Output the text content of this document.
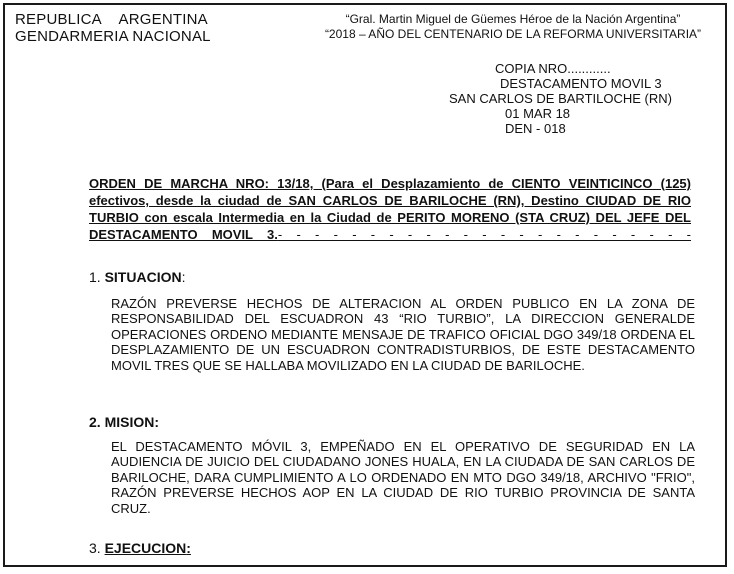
REPUBLICA ARGENTINA
GENDARMERIA NACIONAL
“Gral. Martin Miguel de Güemes Héroe de la Nación Argentina”
“2018 – AÑO DEL CENTENARIO DE LA REFORMA UNIVERSITARIA”
COPIA NRO............
DESTACAMENTO MOVIL 3
SAN CARLOS DE BARTILOCHE (RN)
01 MAR 18
DEN - 018
ORDEN DE MARCHA NRO: 13/18, (Para el Desplazamiento de CIENTO VEINTICINCO (125) efectivos, desde la ciudad de SAN CARLOS DE BARILOCHE (RN), Destino CIUDAD DE RIO TURBIO con escala Intermedia en la Ciudad de PERITO MORENO (STA CRUZ) DEL JEFE DEL DESTACAMENTO MOVIL 3.- - - - - - - - - - - - - - - - - - - - - - -
1. SITUACION:
RAZÓN PREVERSE HECHOS DE ALTERACION AL ORDEN PUBLICO EN LA ZONA DE RESPONSABILIDAD DEL ESCUADRON 43 “RIO TURBIO”, LA DIRECCION GENERALDE OPERACIONES ORDENO MEDIANTE MENSAJE DE TRAFICO OFICIAL DGO 349/18 ORDENA EL DESPLAZAMIENTO DE UN ESCUADRON CONTRADISTURBIOS, DE ESTE DESTACAMENTO MOVIL TRES QUE SE HALLABA MOVILIZADO EN LA CIUDAD DE BARILOCHE.
2. MISION:
EL DESTACAMENTO MÓVIL 3, EMPEÑADO EN EL OPERATIVO DE SEGURIDAD EN LA AUDIENCIA DE JUICIO DEL CIUDADANO JONES HUALA, EN LA CIUDADA DE SAN CARLOS DE BARILOCHE, DARA CUMPLIMIENTO A LO ORDENADO EN MTO DGO 349/18, ARCHIVO "FRIO", RAZÓN PREVERSE HECHOS AOP EN LA CIUDAD DE RIO TURBIO PROVINCIA DE SANTA CRUZ.
3. EJECUCION:
